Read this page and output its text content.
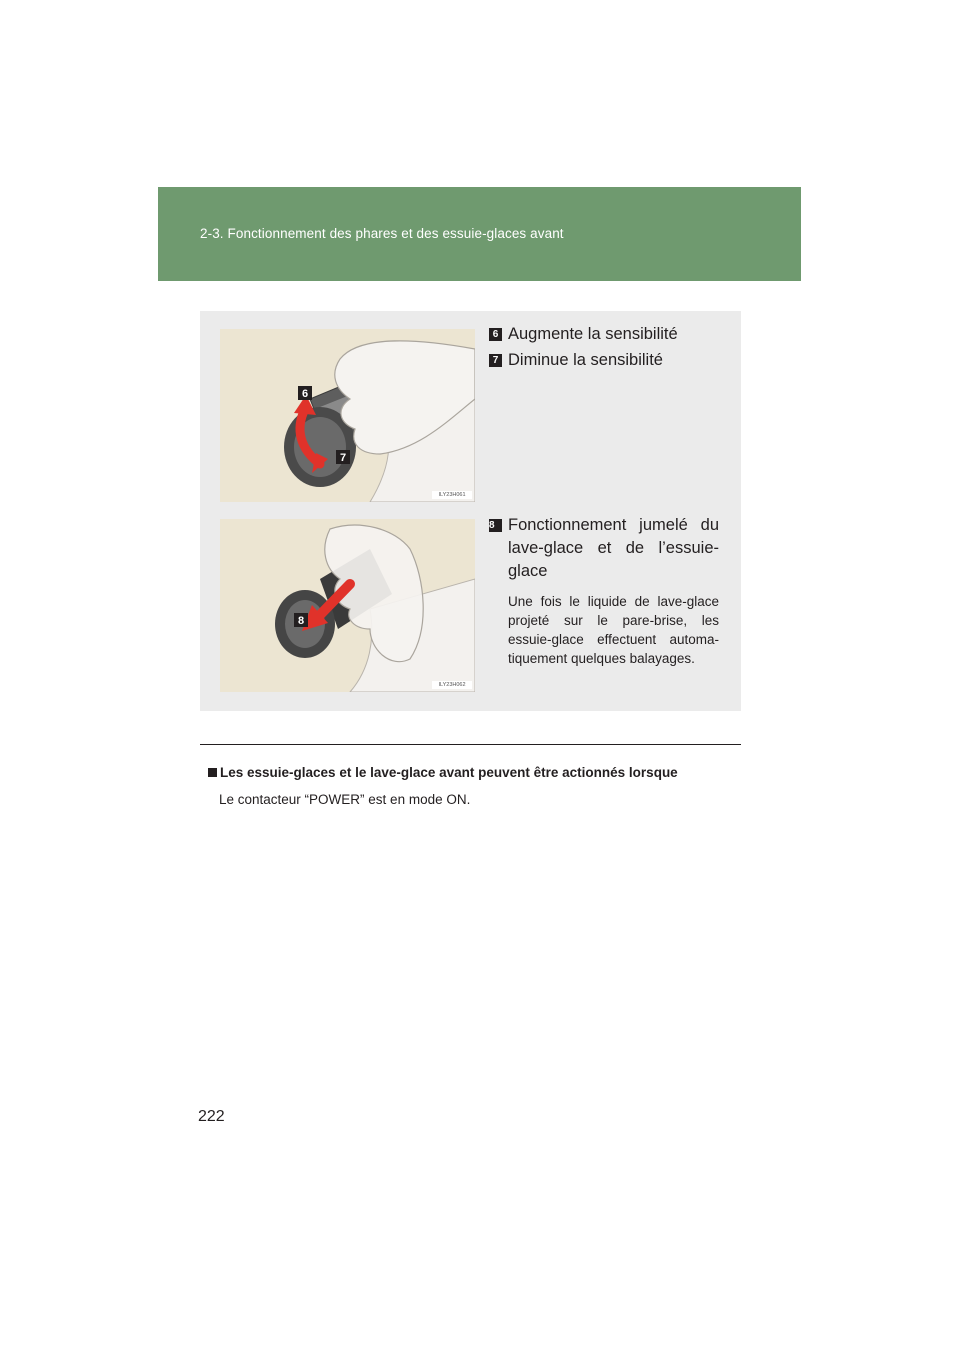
2-3. Fonctionnement des phares et des essuie-glaces avant
6
7
ILY23H061
8
ILY23H062
6 Augmente la sensibilité
7 Diminue la sensibilité
8 Fonctionnement jumelé du lave-glace et de l’essuie-glace
Une fois le liquide de lave-glace projeté sur le pare-brise, les essuie-glace effectuent automa-tiquement quelques balayages.
Les essuie-glaces et le lave-glace avant peuvent être actionnés lorsque
Le contacteur “POWER” est en mode ON.
222
